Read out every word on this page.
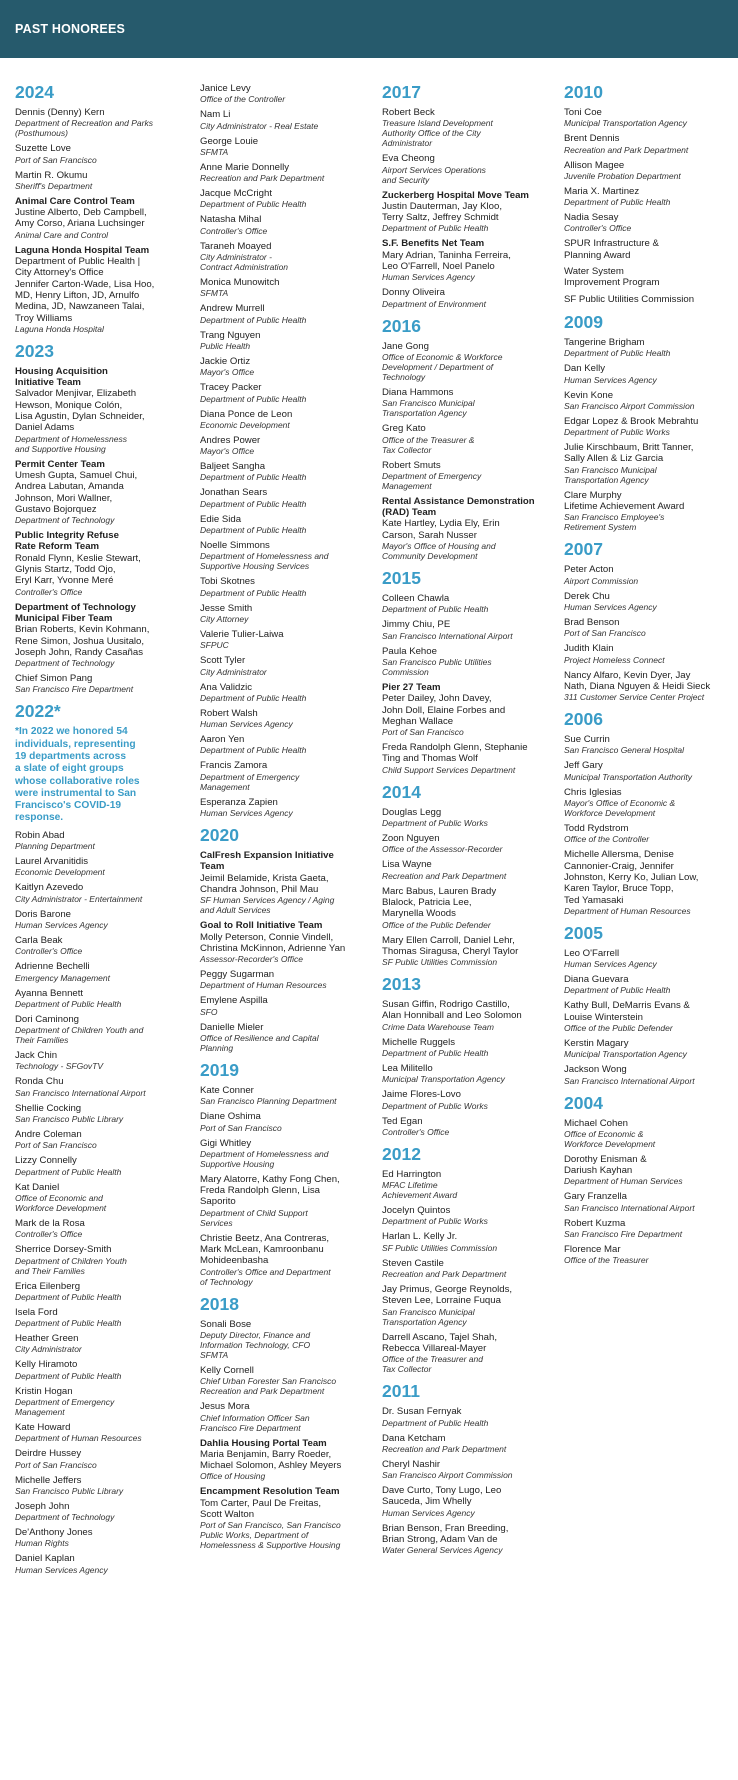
PAST HONOREES
2024
Dennis (Denny) Kern
Department of Recreation and Parks
(Posthumous)
Suzette Love
Port of San Francisco
Martin R. Okumu
Sheriff's Department
Animal Care Control Team
Justine Alberto, Deb Campbell,
Amy Corso, Ariana Luchsinger
Animal Care and Control
Laguna Honda Hospital Team
Department of Public Health |
City Attorney's Office
Jennifer Carton-Wade, Lisa Hoo,
MD, Henry Lifton, JD, Arnulfo
Medina, JD, Nawzaneen Talai,
Troy Williams
Laguna Honda Hospital
2023
Housing Acquisition
Initiative Team
Salvador Menjivar, Elizabeth
Hewson, Monique Colón,
Lisa Agustin, Dylan Schneider,
Daniel Adams
Department of Homelessness
and Supportive Housing
Permit Center Team
Umesh Gupta, Samuel Chui,
Andrea Labutan, Amanda
Johnson, Mori Wallner,
Gustavo Bojorquez
Department of Technology
Public Integrity Refuse
Rate Reform Team
Ronald Flynn, Keslie Stewart,
Glynis Startz, Todd Ojo,
Eryl Karr, Yvonne Meré
Controller's Office
Department of Technology
Municipal Fiber Team
Brian Roberts, Kevin Kohmann,
Rene Simon, Joshua Uusitalo,
Joseph John, Randy Casañas
Department of Technology
Chief Simon Pang
San Francisco Fire Department
2022*
*In 2022 we honored 54
individuals, representing
19 departments across
a slate of eight groups
whose collaborative roles
were instrumental to San
Francisco's COVID-19
response.
Robin Abad
Planning Department
Laurel Arvanitidis
Economic Development
Kaitlyn Azevedo
City Administrator - Entertainment
Doris Barone
Human Services Agency
Carla Beak
Controller's Office
Adrienne Bechelli
Emergency Management
Ayanna Bennett
Department of Public Health
Dori Caminong
Department of Children Youth and
Their Families
Jack Chin
Technology - SFGovTV
Ronda Chu
San Francisco International Airport
Shellie Cocking
San Francisco Public Library
Andre Coleman
Port of San Francisco
Lizzy Connelly
Department of Public Health
Kat Daniel
Office of Economic and
Workforce Development
Mark de la Rosa
Controller's Office
Sherrice Dorsey-Smith
Department of Children Youth
and Their Families
Erica Eilenberg
Department of Public Health
Isela Ford
Department of Public Health
Heather Green
City Administrator
Kelly Hiramoto
Department of Public Health
Kristin Hogan
Department of Emergency
Management
Kate Howard
Department of Human Resources
Deirdre Hussey
Port of San Francisco
Michelle Jeffers
San Francisco Public Library
Joseph John
Department of Technology
De'Anthony Jones
Human Rights
Daniel Kaplan
Human Services Agency
Janice Levy
Office of the Controller
Nam Li
City Administrator - Real Estate
George Louie
SFMTA
Anne Marie Donnelly
Recreation and Park Department
Jacque McCright
Department of Public Health
Natasha Mihal
Controller's Office
Taraneh Moayed
City Administrator -
Contract Administration
Monica Munowitch
SFMTA
Andrew Murrell
Department of Public Health
Trang Nguyen
Public Health
Jackie Ortiz
Mayor's Office
Tracey Packer
Department of Public Health
Diana Ponce de Leon
Economic Development
Andres Power
Mayor's Office
Baljeet Sangha
Department of Public Health
Jonathan Sears
Department of Public Health
Edie Sida
Department of Public Health
Noelle Simmons
Department of Homelessness and
Supportive Housing Services
Tobi Skotnes
Department of Public Health
Jesse Smith
City Attorney
Valerie Tulier-Laiwa
SFPUC
Scott Tyler
City Administrator
Ana Validzic
Department of Public Health
Robert Walsh
Human Services Agency
Aaron Yen
Department of Public Health
Francis Zamora
Department of Emergency
Management
Esperanza Zapien
Human Services Agency
2020
CalFresh Expansion Initiative
Team
Jeimil Belamide, Krista Gaeta,
Chandra Johnson, Phil Mau
SF Human Services Agency / Aging
and Adult Services
Goal to Roll Initiative Team
Molly Peterson, Connie Vindell,
Christina McKinnon, Adrienne Yan
Assessor-Recorder's Office
Peggy Sugarman
Department of Human Resources
Emylene Aspilla
SFO
Danielle Mieler
Office of Resilience and Capital
Planning
2019
Kate Conner
San Francisco Planning Department
Diane Oshima
Port of San Francisco
Gigi Whitley
Department of Homelessness and
Supportive Housing
Mary Alatorre, Kathy Fong Chen,
Freda Randolph Glenn, Lisa
Saporito
Department of Child Support
Services
Christie Beetz, Ana Contreras,
Mark McLean, Kamroonbanu
Mohideenbasha
Controller's Office and Department
of Technology
2018
Sonali Bose
Deputy Director, Finance and
Information Technology, CFO
SFMTA
Kelly Cornell
Chief Urban Forester San Francisco
Recreation and Park Department
Jesus Mora
Chief Information Officer San
Francisco Fire Department
Dahlia Housing Portal Team
Maria Benjamin, Barry Roeder,
Michael Solomon, Ashley Meyers
Office of Housing
Encampment Resolution Team
Tom Carter, Paul De Freitas,
Scott Walton
Port of San Francisco, San Francisco
Public Works, Department of
Homelessness & Supportive Housing
2017
Robert Beck
Treasure Island Development
Authority Office of the City
Administrator
Eva Cheong
Airport Services Operations
and Security
Zuckerberg Hospital Move Team
Justin Dauterman, Jay Kloo,
Terry Saltz, Jeffrey Schmidt
Department of Public Health
S.F. Benefits Net Team
Mary Adrian, Taninha Ferreira,
Leo O'Farrell, Noel Panelo
Human Services Agency
Donny Oliveira
Department of Environment
2016
Jane Gong
Office of Economic & Workforce
Development / Department of
Technology
Diana Hammons
San Francisco Municipal
Transportation Agency
Greg Kato
Office of the Treasurer &
Tax Collector
Robert Smuts
Department of Emergency
Management
Rental Assistance Demonstration
(RAD) Team
Kate Hartley, Lydia Ely, Erin
Carson, Sarah Nusser
Mayor's Office of Housing and
Community Development
2015
Colleen Chawla
Department of Public Health
Jimmy Chiu, PE
San Francisco International Airport
Paula Kehoe
San Francisco Public Utilities
Commission
Pier 27 Team
Peter Dailey, John Davey,
John Doll, Elaine Forbes and
Meghan Wallace
Port of San Francisco
Freda Randolph Glenn, Stephanie
Ting and Thomas Wolf
Child Support Services Department
2014
Douglas Legg
Department of Public Works
Zoon Nguyen
Office of the Assessor-Recorder
Lisa Wayne
Recreation and Park Department
Marc Babus, Lauren Brady
Blalock, Patricia Lee,
Marynella Woods
Office of the Public Defender
Mary Ellen Carroll, Daniel Lehr,
Thomas Siragusa, Cheryl Taylor
SF Public Utilities Commission
2013
Susan Giffin, Rodrigo Castillo,
Alan Honniball and Leo Solomon
Crime Data Warehouse Team
Michelle Ruggels
Department of Public Health
Lea Militello
Municipal Transportation Agency
Jaime Flores-Lovo
Department of Public Works
Ted Egan
Controller's Office
2012
Ed Harrington
MFAC Lifetime
Achievement Award
Jocelyn Quintos
Department of Public Works
Harlan L. Kelly Jr.
SF Public Utilities Commission
Steven Castile
Recreation and Park Department
Jay Primus, George Reynolds,
Steven Lee, Lorraine Fuqua
San Francisco Municipal
Transportation Agency
Darrell Ascano, Tajel Shah,
Rebecca Villareal-Mayer
Office of the Treasurer and
Tax Collector
2011
Dr. Susan Fernyak
Department of Public Health
Dana Ketcham
Recreation and Park Department
Cheryl Nashir
San Francisco Airport Commission
Dave Curto, Tony Lugo, Leo
Sauceda, Jim Whelly
Human Services Agency
Brian Benson, Fran Breeding,
Brian Strong, Adam Van de
Water General Services Agency
2010
Toni Coe
Municipal Transportation Agency
Brent Dennis
Recreation and Park Department
Allison Magee
Juvenile Probation Department
Maria X. Martinez
Department of Public Health
Nadia Sesay
Controller's Office
SPUR Infrastructure &
Planning Award
Water System
Improvement Program
SF Public Utilities Commission
2009
Tangerine Brigham
Department of Public Health
Dan Kelly
Human Services Agency
Kevin Kone
San Francisco Airport Commission
Edgar Lopez & Brook Mebrahtu
Department of Public Works
Julie Kirschbaum, Britt Tanner,
Sally Allen & Liz Garcia
San Francisco Municipal
Transportation Agency
Clare Murphy
Lifetime Achievement Award
San Francisco Employee's
Retirement System
2007
Peter Acton
Airport Commission
Derek Chu
Human Services Agency
Brad Benson
Port of San Francisco
Judith Klain
Project Homeless Connect
Nancy Alfaro, Kevin Dyer, Jay
Nath, Diana Nguyen & Heidi Sieck
311 Customer Service Center Project
2006
Sue Currin
San Francisco General Hospital
Jeff Gary
Municipal Transportation Authority
Chris Iglesias
Mayor's Office of Economic &
Workforce Development
Todd Rydstrom
Office of the Controller
Michelle Allersma, Denise
Cannonier-Craig, Jennifer
Johnston, Kerry Ko, Julian Low,
Karen Taylor, Bruce Topp,
Ted Yamasaki
Department of Human Resources
2005
Leo O'Farrell
Human Services Agency
Diana Guevara
Department of Public Health
Kathy Bull, DeMarris Evans &
Louise Winterstein
Office of the Public Defender
Kerstin Magary
Municipal Transportation Agency
Jackson Wong
San Francisco International Airport
2004
Michael Cohen
Office of Economic &
Workforce Development
Dorothy Enisman &
Dariush Kayhan
Department of Human Services
Gary Franzella
San Francisco International Airport
Robert Kuzma
San Francisco Fire Department
Florence Mar
Office of the Treasurer
